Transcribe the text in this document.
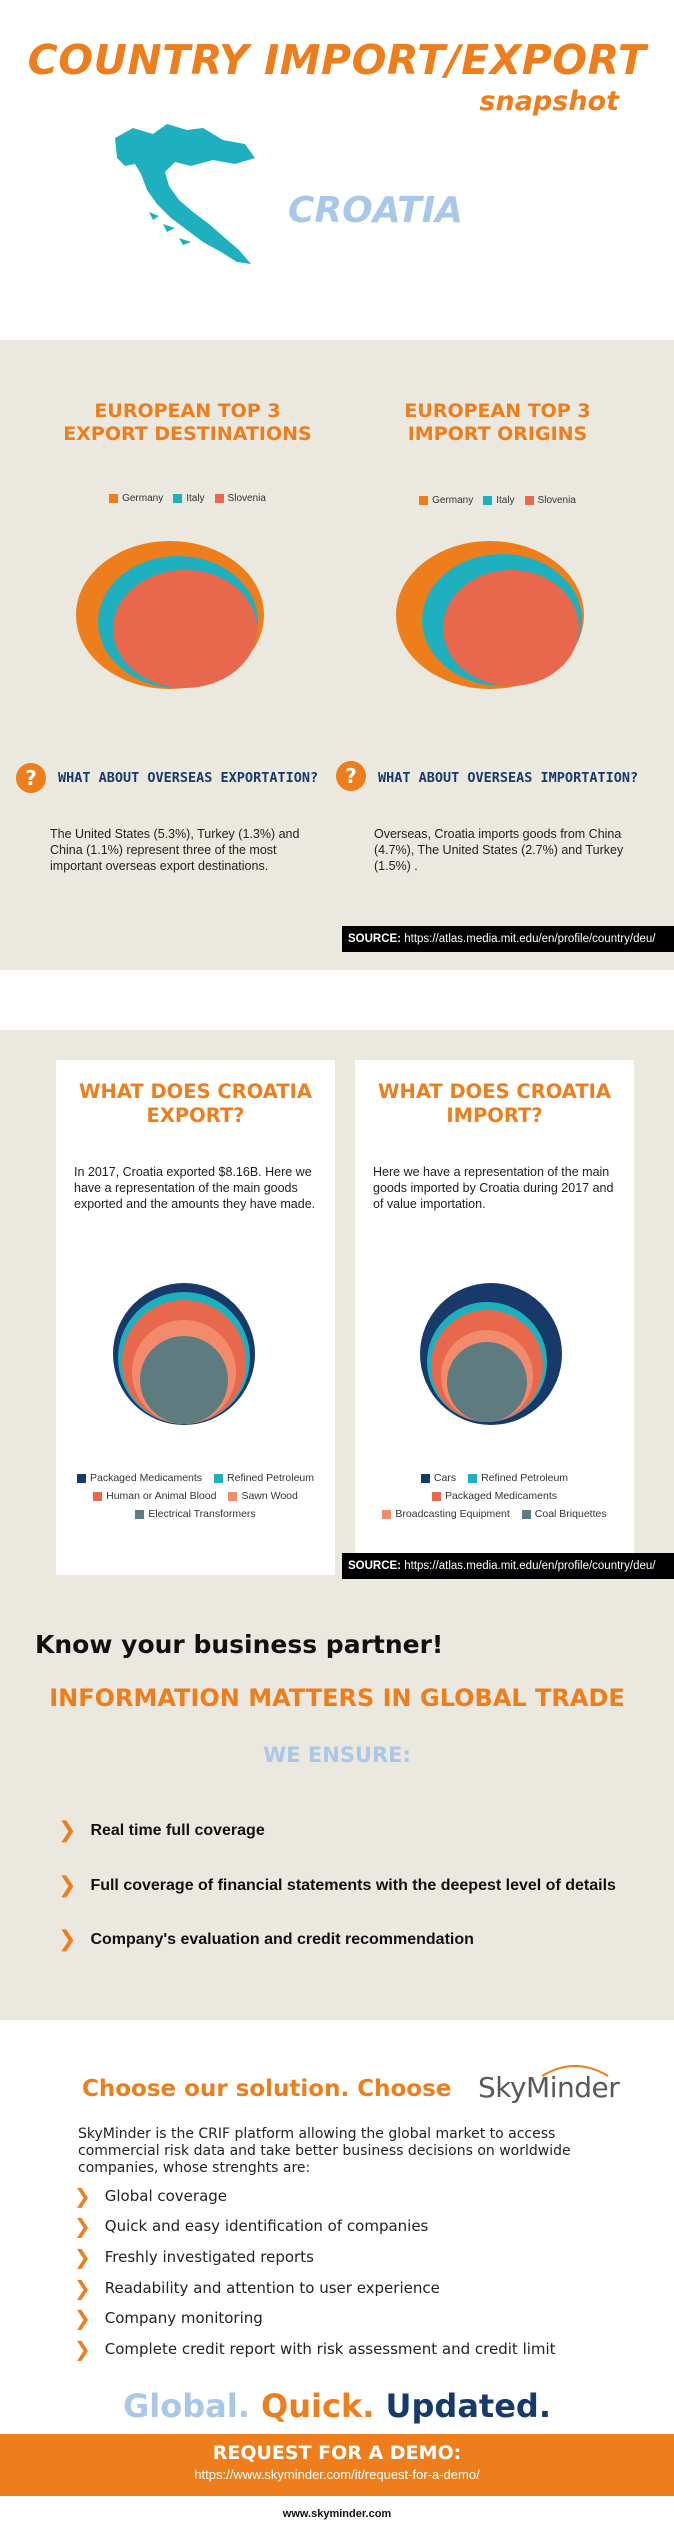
COUNTRY IMPORT/EXPORT
snapshot
CROATIA
EUROPEAN TOP 3
EXPORT DESTINATIONS
Germany Italy Slovenia
EUROPEAN TOP 3
IMPORT ORIGINS
Germany Italy Slovenia
?	WHAT ABOUT OVERSEAS EXPORTATION?
The United States (5.3%), Turkey (1.3%) and China (1.1%) represent three of the most important overseas export destinations.
?	WHAT ABOUT OVERSEAS IMPORTATION?
Overseas, Croatia imports goods from China (4.7%), The United States (2.7%) and Turkey (1.5%) .
SOURCE: https://atlas.media.mit.edu/en/profile/country/deu/
WHAT DOES CROATIA
EXPORT?
In 2017, Croatia exported $8.16B. Here we have a representation of the main goods exported and the amounts they have made.
Packaged Medicaments Refined Petroleum
Human or Animal Blood Sawn Wood
Electrical Transformers
WHAT DOES CROATIA
IMPORT?
Here we have a representation of the main goods imported by Croatia during 2017 and of value importation.
Cars Refined Petroleum
Packaged Medicaments
Broadcasting Equipment Coal Briquettes
SOURCE: https://atlas.media.mit.edu/en/profile/country/deu/
Know your business partner!
INFORMATION MATTERS IN GLOBAL TRADE
WE ENSURE:
❯ Real time full coverage
❯ Full coverage of financial statements with the deepest level of details
❯ Company's evaluation and credit recommendation
Choose our solution. Choose SkyMinder
SkyMinder is the CRIF platform allowing the global market to access commercial risk data and take better business decisions on worldwide companies, whose strenghts are:
❯ Global coverage
❯ Quick and easy identification of companies
❯ Freshly investigated reports
❯ Readability and attention to user experience
❯ Company monitoring
❯ Complete credit report with risk assessment and credit limit
Global. Quick. Updated.
REQUEST FOR A DEMO:
https://www.skyminder.com/it/request-for-a-demo/
www.skyminder.com
